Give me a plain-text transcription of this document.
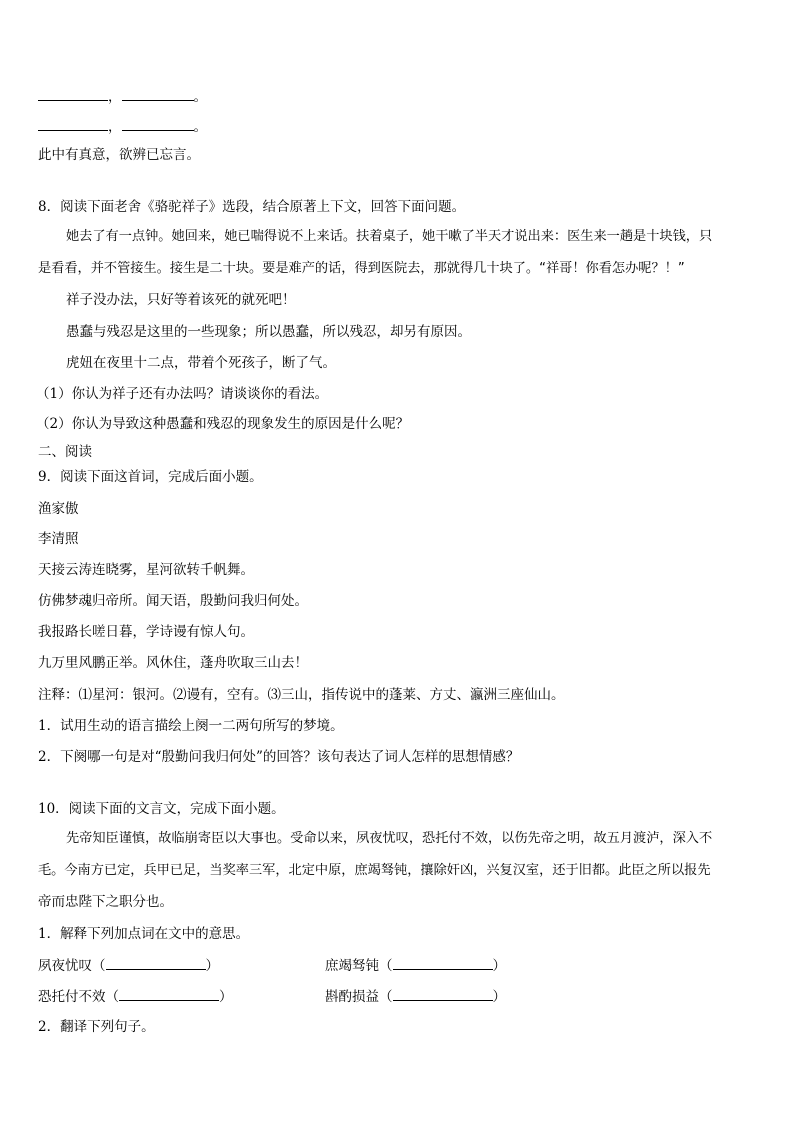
，	。
，	。
此中有真意，欲辨已忘言。
8．阅读下面老舍《骆驼祥子》选段，结合原著上下文，回答下面问题。
她去了有一点钟。她回来，她已喘得说不上来话。扶着桌子，她干嗽了半天才说出来：医生来一趟是十块钱，只
是看看，并不管接生。接生是二十块。要是难产的话，得到医院去，那就得几十块了。“祥哥！你看怎办呢？！”
祥子没办法，只好等着该死的就死吧！
愚蠢与残忍是这里的一些现象；所以愚蠢，所以残忍，却另有原因。
虎妞在夜里十二点，带着个死孩子，断了气。
（1）你认为祥子还有办法吗？请谈谈你的看法。
（2）你认为导致这种愚蠢和残忍的现象发生的原因是什么呢？
二、阅读
9．阅读下面这首词，完成后面小题。
渔家傲
李清照
天接云涛连晓雾，星河欲转千帆舞。
仿佛梦魂归帝所。闻天语，殷勤问我归何处。
我报路长嗟日暮，学诗谩有惊人句。
九万里风鹏正举。风休住，蓬舟吹取三山去！
注释：⑴星河：银河。⑵谩有，空有。⑶三山，指传说中的蓬莱、方丈、瀛洲三座仙山。
1．试用生动的语言描绘上阕一二两句所写的梦境。
2．下阕哪一句是对“殷勤问我归何处”的回答？该句表达了词人怎样的思想情感？
10．阅读下面的文言文，完成下面小题。
先帝知臣谨慎，故临崩寄臣以大事也。受命以来，夙夜忧叹，恐托付不效，以伤先帝之明，故五月渡泸，深入不
毛。今南方已定，兵甲已足，当奖率三军，北定中原，庶竭驽钝，攘除奸凶，兴复汉室，还于旧都。此臣之所以报先
帝而忠陛下之职分也。
1．解释下列加点词在文中的意思。
夙夜忧叹（	）	庶竭驽钝（	）
恐托付不效（	）	斟酌损益（	）
2．翻译下列句子。
